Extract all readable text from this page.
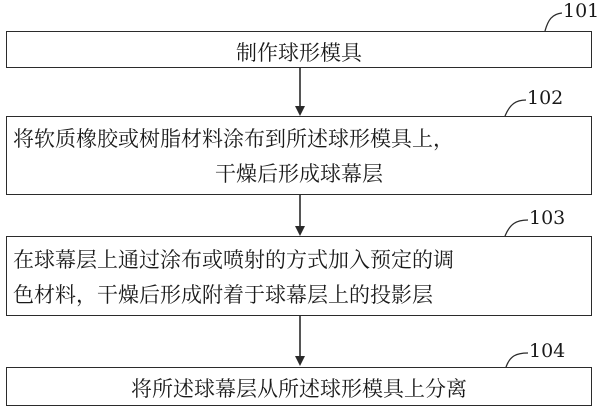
101
制作球形模具
102
将软质橡胶或树脂材料涂布到所述球形模具上，
干燥后形成球幕层
103
在球幕层上通过涂布或喷射的方式加入预定的调
色材料，干燥后形成附着于球幕层上的投影层
104
将所述球幕层从所述球形模具上分离
